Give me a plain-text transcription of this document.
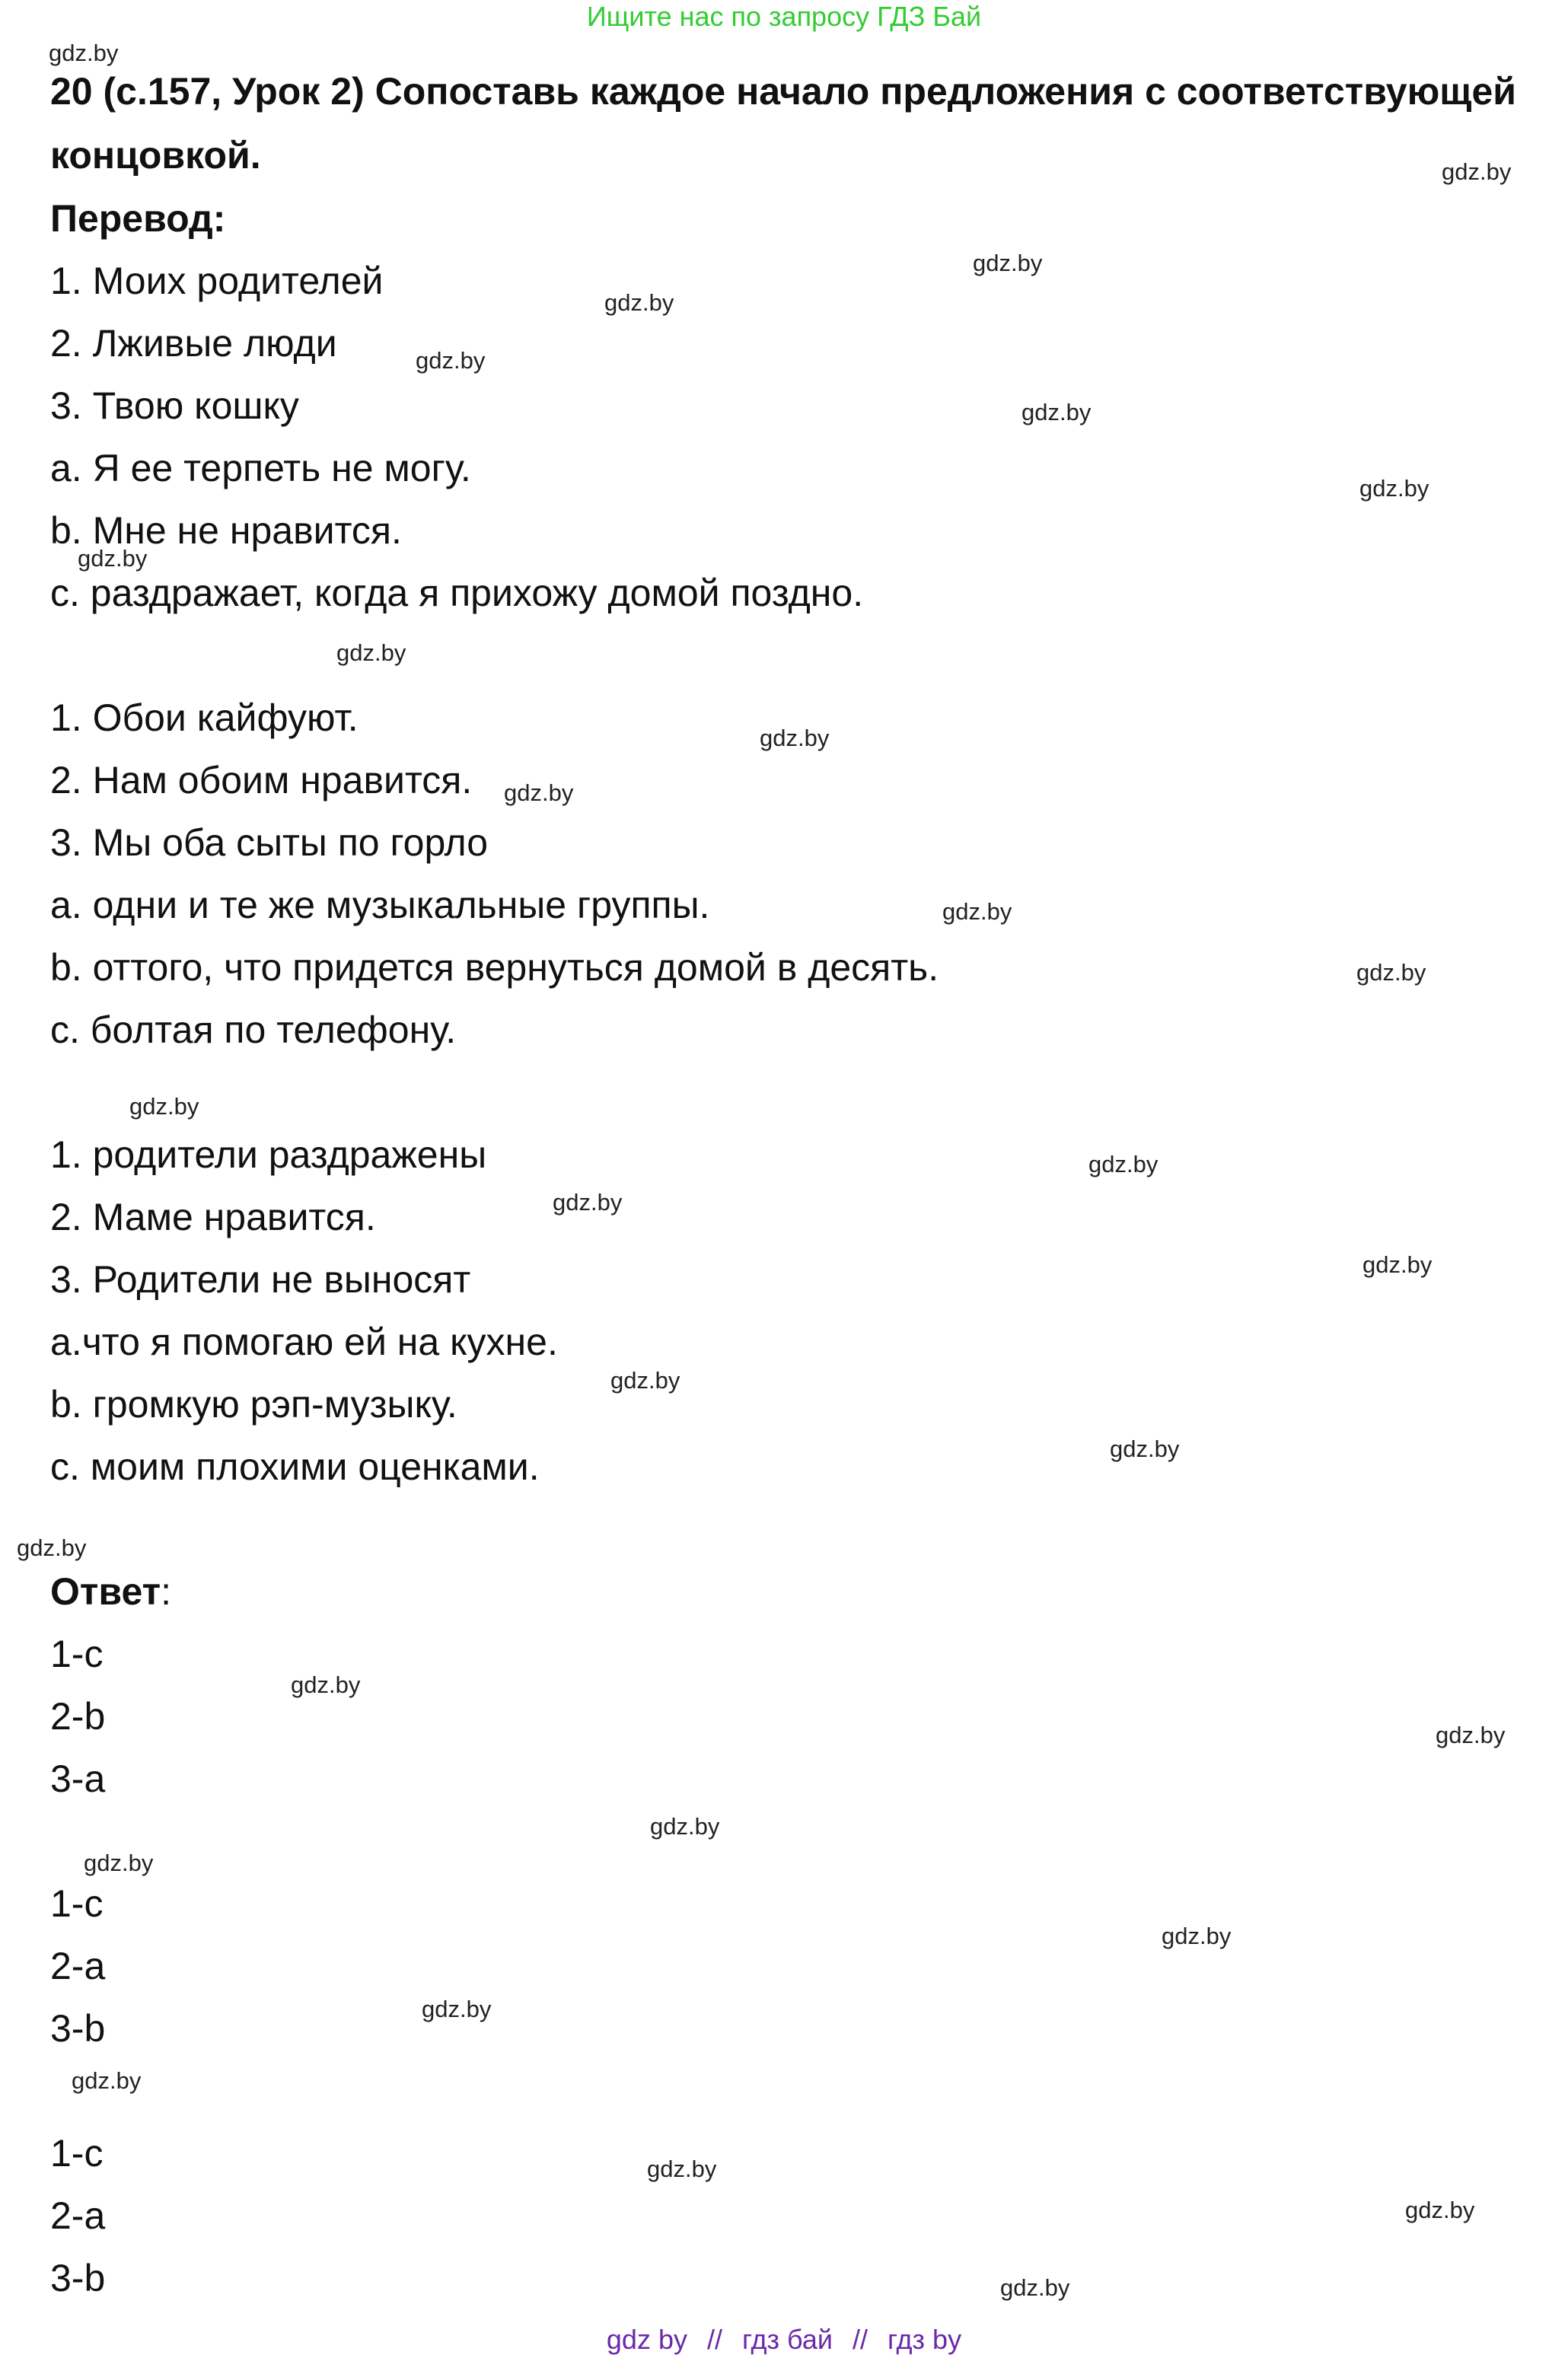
Ищите нас по запросу ГДЗ Бай

20 (с.157, Урок 2) Сопоставь каждое начало предложения с соответствующей концовкой.

Перевод:

1. Моих родителей

2. Лживые люди

3. Твою кошку

a. Я ее терпеть не могу.

b. Мне не нравится.

c. раздражает, когда я прихожу домой поздно.

1. Обои кайфуют.

2. Нам обоим нравится.

3. Мы оба сыты по горло

a. одни и те же музыкальные группы.

b. оттого, что придется вернуться домой в десять.

c. болтая по телефону.

1. родители раздражены

2. Маме нравится.

3. Родители не выносят

a.что я помогаю ей на кухне.

b. громкую рэп-музыку.

c. моим плохими оценками.

Ответ:

1-c

2-b

3-a

1-c

2-a

3-b

1-c

2-a

3-b

gdz.by
gdz.by
gdz.by
gdz.by
gdz.by
gdz.by
gdz.by
gdz.by
gdz.by
gdz.by
gdz.by
gdz.by
gdz.by
gdz.by
gdz.by
gdz.by
gdz.by
gdz.by
gdz.by
gdz.by
gdz.by
gdz.by
gdz.by
gdz.by
gdz.by
gdz.by
gdz.by
gdz.by
gdz.by
gdz.by
gdz by // гдз бай // гдз by
